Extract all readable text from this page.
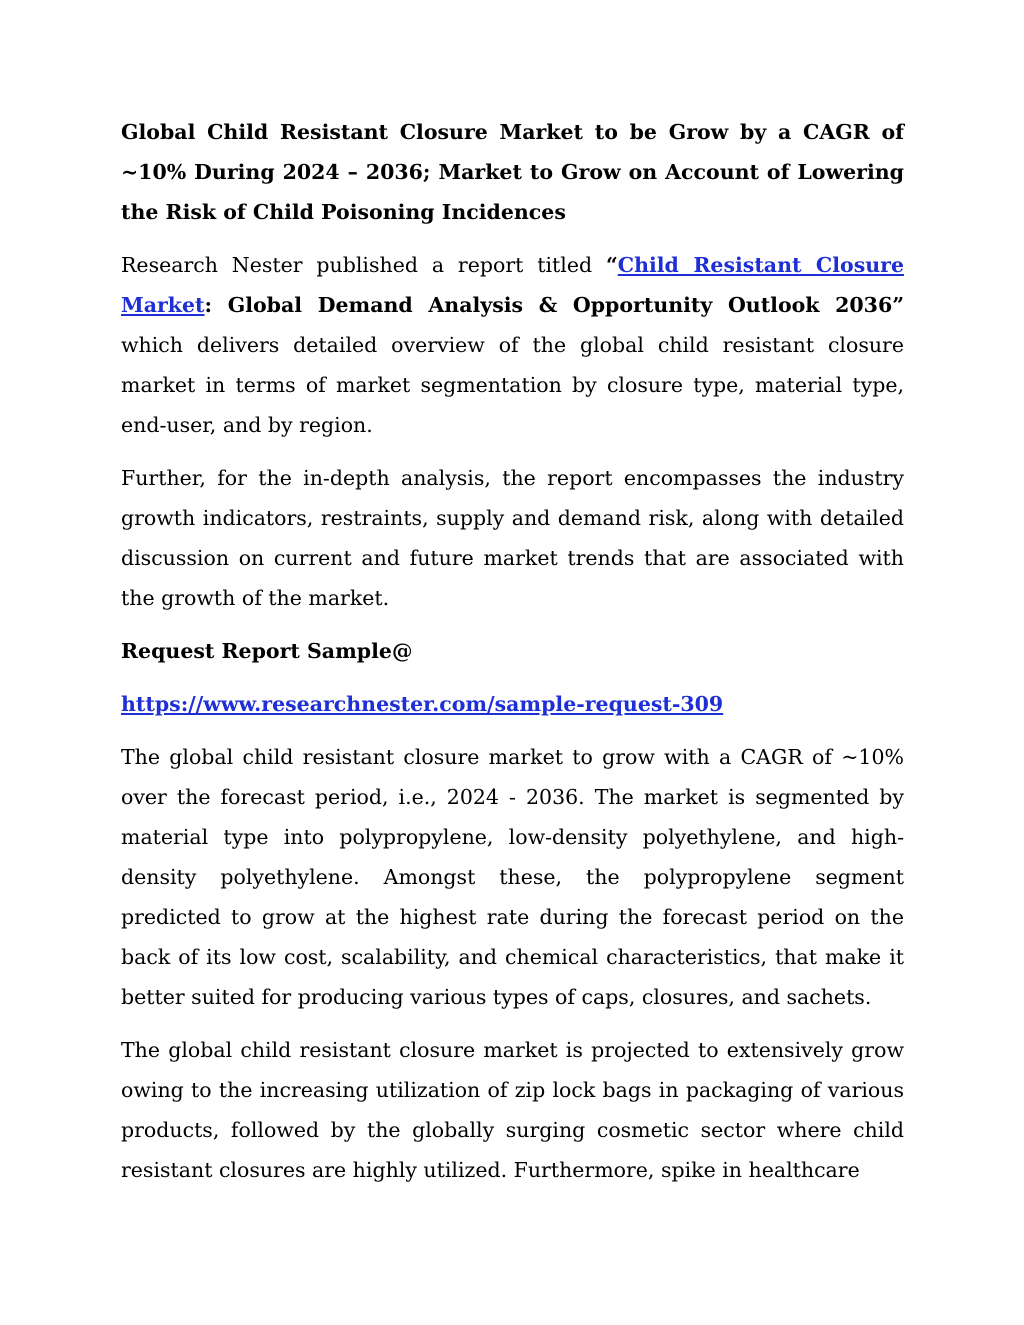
Global Child Resistant Closure Market to be Grow by a CAGR of ~10% During 2024 – 2036; Market to Grow on Account of Lowering the Risk of Child Poisoning Incidences

Research Nester published a report titled “Child Resistant Closure Market: Global Demand Analysis & Opportunity Outlook 2036” which delivers detailed overview of the global child resistant closure market in terms of market segmentation by closure type, material type, end-user, and by region.

Further, for the in-depth analysis, the report encompasses the industry growth indicators, restraints, supply and demand risk, along with detailed discussion on current and future market trends that are associated with the growth of the market.

Request Report Sample@

https://www.researchnester.com/sample-request-309

The global child resistant closure market to grow with a CAGR of ~10% over the forecast period, i.e., 2024 - 2036. The market is segmented by material type into polypropylene, low-density polyethylene, and high-density polyethylene. Amongst these, the polypropylene segment predicted to grow at the highest rate during the forecast period on the back of its low cost, scalability, and chemical characteristics, that make it better suited for producing various types of caps, closures, and sachets.

The global child resistant closure market is projected to extensively grow owing to the increasing utilization of zip lock bags in packaging of various products, followed by the globally surging cosmetic sector where child resistant closures are highly utilized. Furthermore, spike in healthcare
